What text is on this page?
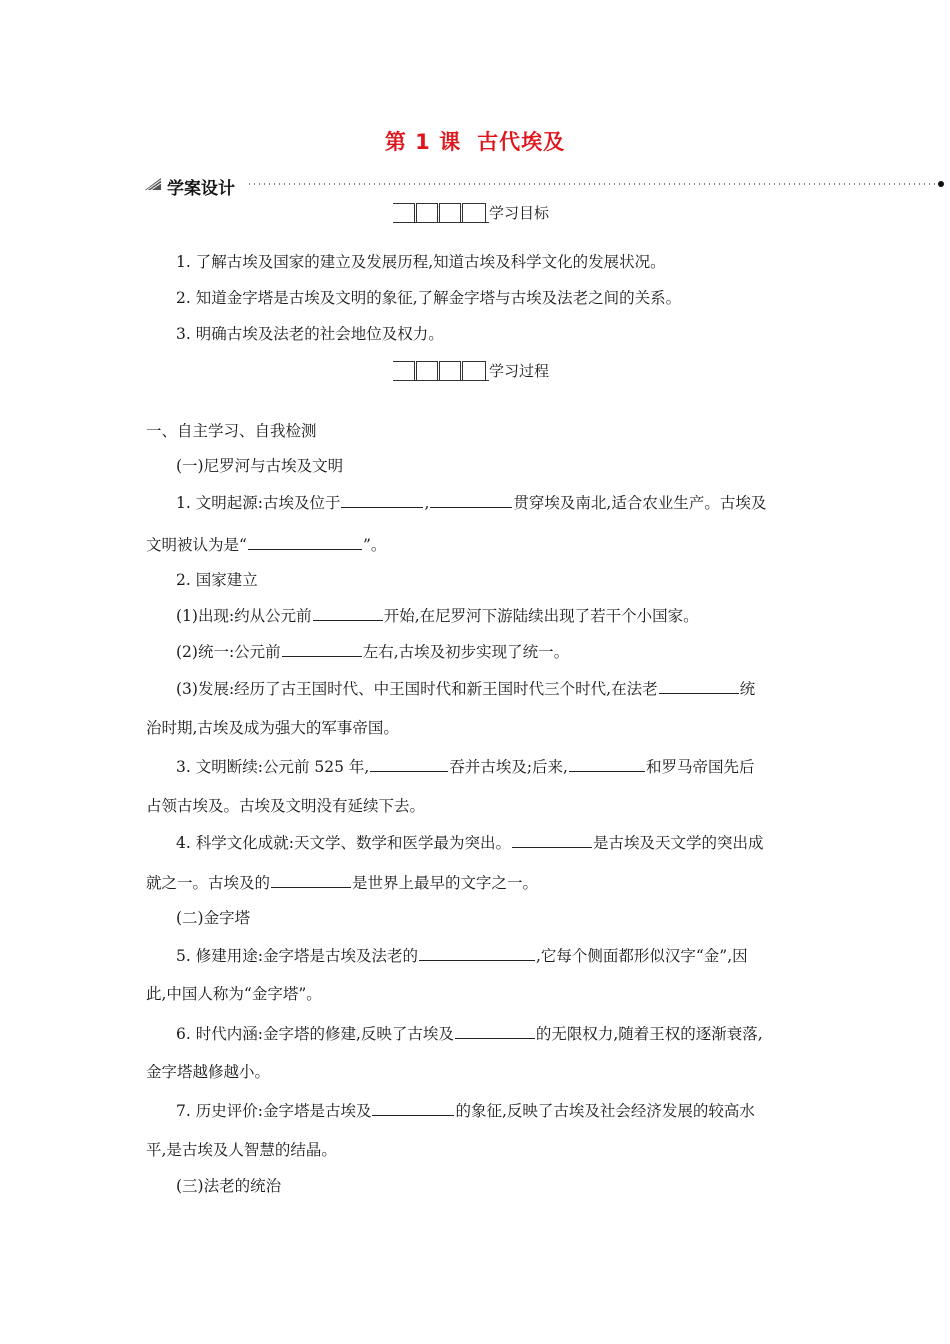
第 1 课 古代埃及
学案设计
学习目标
1. 了解古埃及国家的建立及发展历程,知道古埃及科学文化的发展状况。
2. 知道金字塔是古埃及文明的象征,了解金字塔与古埃及法老之间的关系。
3. 明确古埃及法老的社会地位及权力。
学习过程
一、自主学习、自我检测
(一)尼罗河与古埃及文明
1. 文明起源:古埃及位于	,	贯穿埃及南北,适合农业生产。古埃及
文明被认为是“	”。
2. 国家建立
(1)出现:约从公元前	开始,在尼罗河下游陆续出现了若干个小国家。
(2)统一:公元前	左右,古埃及初步实现了统一。
(3)发展:经历了古王国时代、中王国时代和新王国时代三个时代,在法老	统
治时期,古埃及成为强大的军事帝国。
3. 文明断续:公元前 525 年,	吞并古埃及;后来,	和罗马帝国先后
占领古埃及。古埃及文明没有延续下去。
4. 科学文化成就:天文学、数学和医学最为突出。	是古埃及天文学的突出成
就之一。古埃及的	是世界上最早的文字之一。
(二)金字塔
5. 修建用途:金字塔是古埃及法老的	,它每个侧面都形似汉字“金”,因
此,中国人称为“金字塔”。
6. 时代内涵:金字塔的修建,反映了古埃及	的无限权力,随着王权的逐渐衰落,
金字塔越修越小。
7. 历史评价:金字塔是古埃及	的象征,反映了古埃及社会经济发展的较高水
平,是古埃及人智慧的结晶。
(三)法老的统治
